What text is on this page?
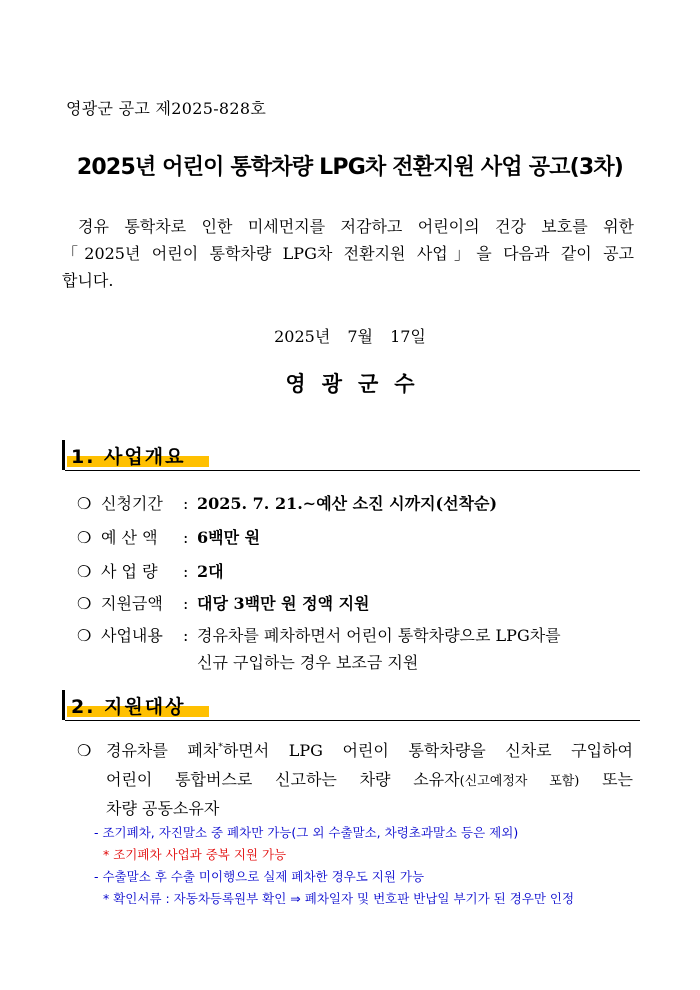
영광군 공고 제2025-828호
2025년 어린이 통학차량 LPG차 전환지원 사업 공고(3차)
경유 통학차로 인한 미세먼지를 저감하고 어린이의 건강 보호를 위한
「2025년 어린이 통학차량 LPG차 전환지원 사업」을 다음과 같이 공고
합니다.
2025년 7월 17일
영광군수
1. 사업개요
❍ 신청기간 : 2025. 7. 21.∼예산 소진 시까지(선착순)
❍ 예 산 액 : 6백만 원
❍ 사 업 량 : 2대
❍ 지원금액 : 대당 3백만 원 정액 지원
❍ 사업내용 : 경유차를 폐차하면서 어린이 통학차량으로 LPG차를
신규 구입하는 경우 보조금 지원
2. 지원대상
❍ 경유차를 폐차*하면서 LPG 어린이 통학차량을 신차로 구입하여
어린이 통합버스로 신고하는 차량 소유자(신고예정자 포함) 또는
차량 공동소유자
- 조기폐차, 자진말소 중 폐차만 가능(그 외 수출말소, 차령초과말소 등은 제외)
* 조기폐차 사업과 중복 지원 가능
- 수출말소 후 수출 미이행으로 실제 폐차한 경우도 지원 가능
* 확인서류 : 자동차등록원부 확인 ⇒ 폐차일자 및 번호판 반납일 부기가 된 경우만 인정
